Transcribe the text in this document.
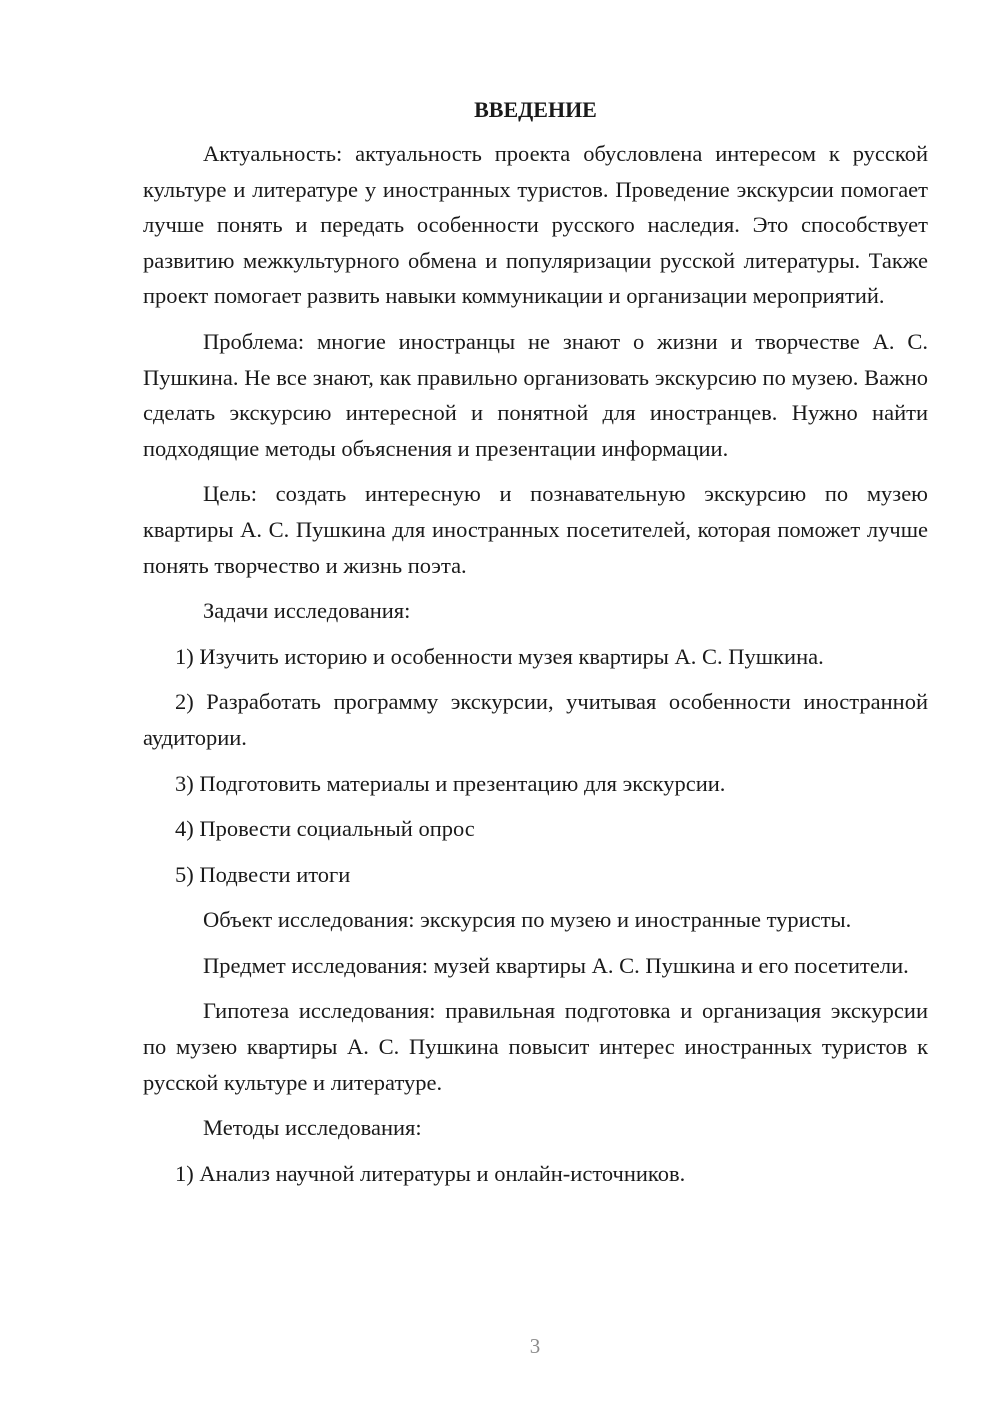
ВВЕДЕНИЕ

Актуальность: актуальность проекта обусловлена интересом к русской культуре и литературе у иностранных туристов. Проведение экскурсии помогает лучше понять и передать особенности русского наследия. Это способствует развитию межкультурного обмена и популяризации русской литературы. Также проект помогает развить навыки коммуникации и организации мероприятий.

Проблема: многие иностранцы не знают о жизни и творчестве А. С. Пушкина. Не все знают, как правильно организовать экскурсию по музею. Важно сделать экскурсию интересной и понятной для иностранцев. Нужно найти подходящие методы объяснения и презентации информации.

Цель: создать интересную и познавательную экскурсию по музею квартиры А. С. Пушкина для иностранных посетителей, которая поможет лучше понять творчество и жизнь поэта.

Задачи исследования:

1) Изучить историю и особенности музея квартиры А. С. Пушкина.

2) Разработать программу экскурсии, учитывая особенности иностранной аудитории.

3) Подготовить материалы и презентацию для экскурсии.

4) Провести социальный опрос

5) Подвести итоги

Объект исследования: экскурсия по музею и иностранные туристы.

Предмет исследования: музей квартиры А. С. Пушкина и его посетители.

Гипотеза исследования: правильная подготовка и организация экскурсии по музею квартиры А. С. Пушкина повысит интерес иностранных туристов к русской культуре и литературе.

Методы исследования:

1) Анализ научной литературы и онлайн-источников.

3
